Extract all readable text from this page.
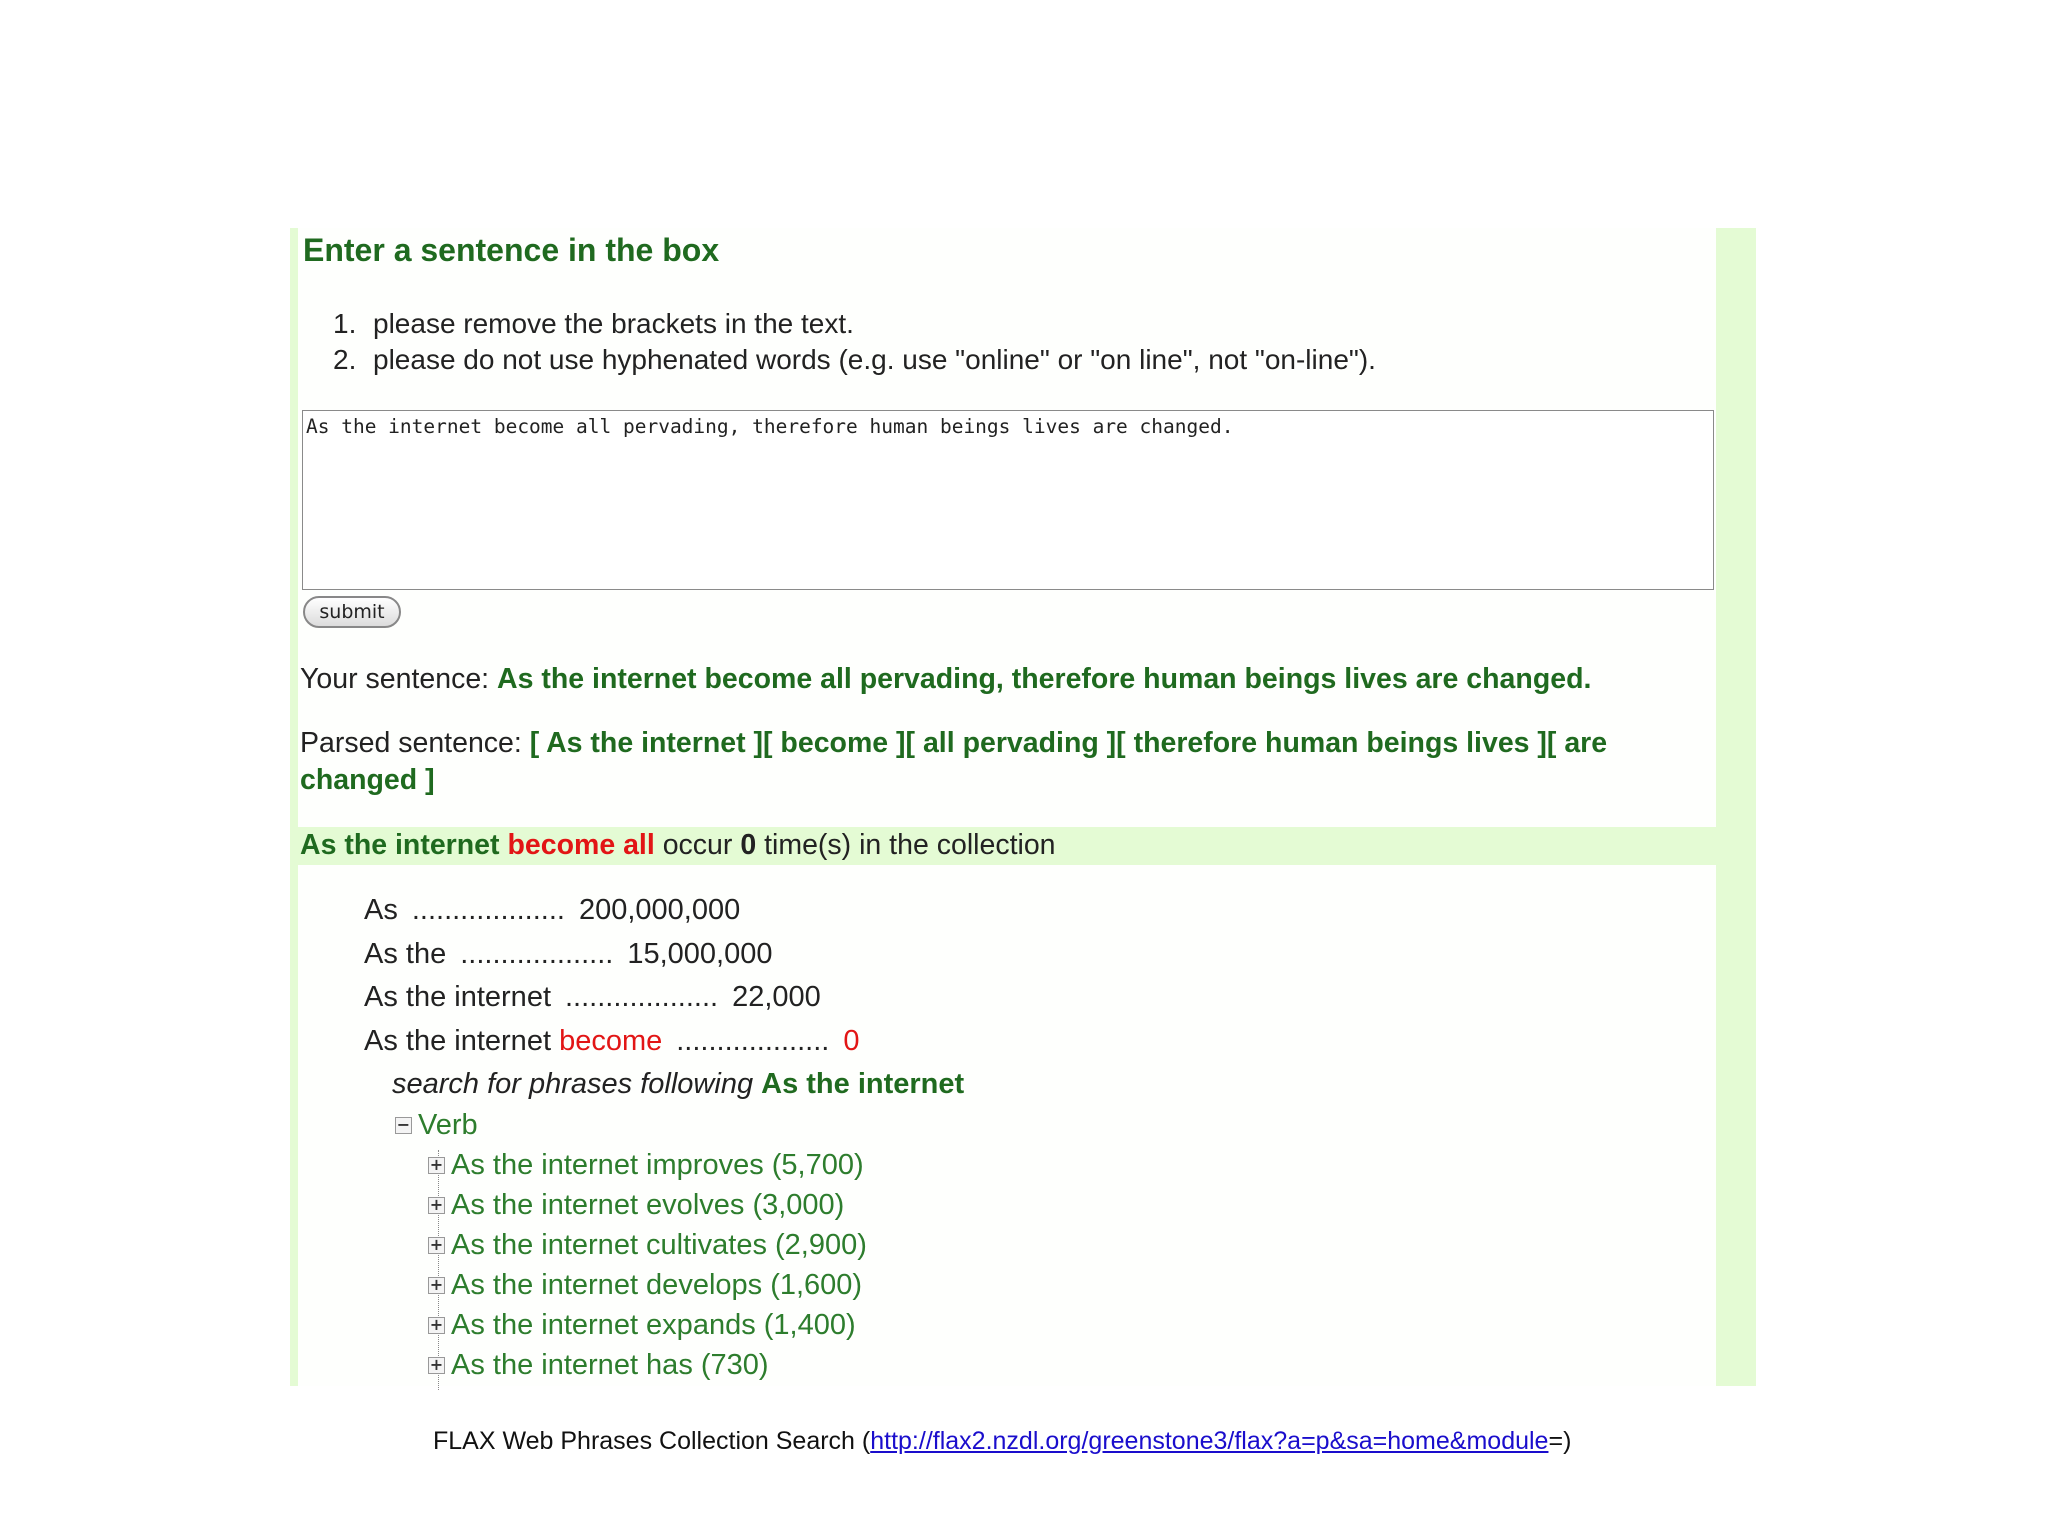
Enter a sentence in the box
1. please remove the brackets in the text.
2. please do not use hyphenated words (e.g. use "online" or "on line", not "on-line").
As the internet become all pervading, therefore human beings lives are changed.
submit
Your sentence: As the internet become all pervading, therefore human beings lives are changed.
Parsed sentence: [ As the internet ][ become ][ all pervading ][ therefore human beings lives ][ are
changed ]
As the internet become all occur 0 time(s) in the collection
As ................... 200,000,000
As the ................... 15,000,000
As the internet ................... 22,000
As the internet become ................... 0
search for phrases following As the internet
− Verb
+ As the internet improves (5,700)
+ As the internet evolves (3,000)
+ As the internet cultivates (2,900)
+ As the internet develops (1,600)
+ As the internet expands (1,400)
+ As the internet has (730)
FLAX Web Phrases Collection Search (http://flax2.nzdl.org/greenstone3/flax?a=p&sa=home&module=)
